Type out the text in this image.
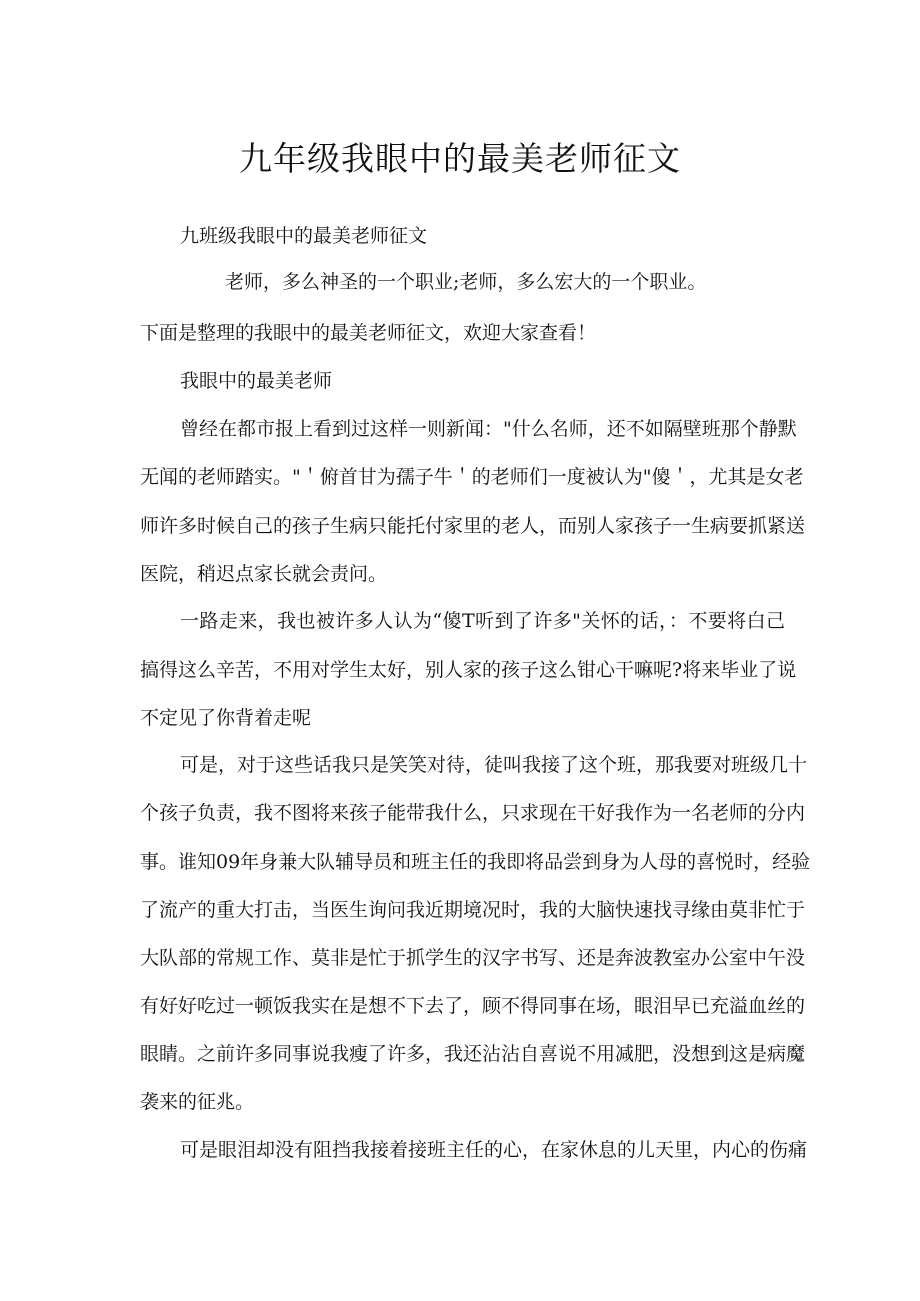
九年级我眼中的最美老师征文

九班级我眼中的最美老师征文

老师，多么神圣的一个职业;老师，多么宏大的一个职业。

下面是整理的我眼中的最美老师征文，欢迎大家查看！

我眼中的最美老师

曾经在都市报上看到过这样一则新闻："什么名师，还不如隔壁班那个静默

无闻的老师踏实。"＇俯首甘为孺子牛＇的老师们一度被认为"傻＇，尤其是女老

师许多时候自己的孩子生病只能托付家里的老人，而别人家孩子一生病要抓紧送

医院，稍迟点家长就会责问。

一路走来，我也被许多人认为“傻T听到了许多"关怀的话，：不要将白己

搞得这么辛苦，不用对学生太好，别人家的孩子这么钳心干嘛呢?将来毕业了说

不定见了你背着走呢

可是，对于这些话我只是笑笑对待，徒叫我接了这个班，那我要对班级几十

个孩子负责，我不图将来孩子能带我什么，只求现在干好我作为一名老师的分内

事。谁知09年身兼大队辅导员和班主任的我即将品尝到身为人母的喜悦时，经验

了流产的重大打击，当医生询问我近期境况时，我的大脑快速找寻缘由莫非忙于

大队部的常规工作、莫非是忙于抓学生的汉字书写、还是奔波教室办公室中午没

有好好吃过一顿饭我实在是想不下去了，顾不得同事在场，眼泪早已充溢血丝的

眼睛。之前许多同事说我瘦了许多，我还沾沾自喜说不用减肥，没想到这是病魔

袭来的征兆。

可是眼泪却没有阻挡我接着接班主任的心，在家休息的儿天里，内心的伤痛
